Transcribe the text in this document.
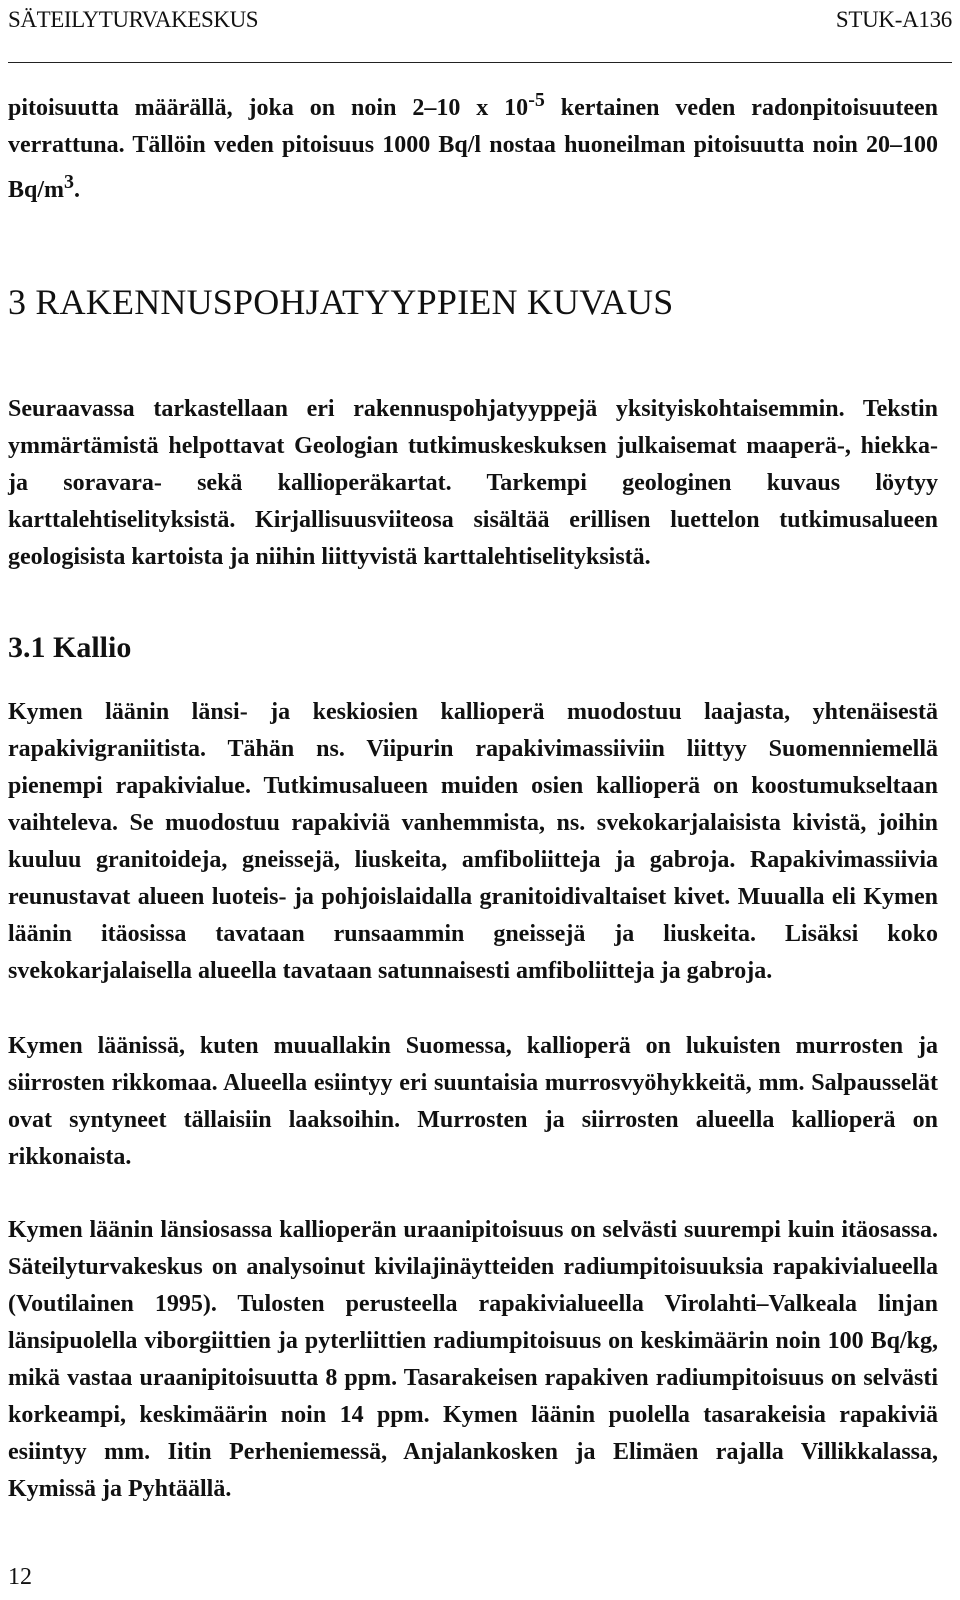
SÄTEILYTURVAKESKUS	STUK-A136

pitoisuutta määrällä, joka on noin 2–10 x $10^{-5}$ kertainen veden radonpitoisuuteen verrattuna. Tällöin veden pitoisuus 1000 Bq/l nostaa huoneilman pitoisuutta noin 20–100 $Bq/m^3$.

3 RAKENNUSPOHJATYYPPIEN KUVAUS

Seuraavassa tarkastellaan eri rakennuspohjatyyppejä yksityiskohtaisemmin. Tekstin ymmärtämistä helpottavat Geologian tutkimuskeskuksen julkaisemat maaperä-, hiekka- ja soravara- sekä kallioperäkartat. Tarkempi geologinen kuvaus löytyy karttalehtiselityksistä. Kirjallisuusviiteosa sisältää erillisen luettelon tutkimusalueen geologisista kartoista ja niihin liittyvistä karttalehtiselityksistä.

3.1 Kallio

Kymen läänin länsi- ja keskiosien kallioperä muodostuu laajasta, yhtenäisestä rapakivigraniitista. Tähän ns. Viipurin rapakivimassiiviin liittyy Suomenniemellä pienempi rapakivialue. Tutkimusalueen muiden osien kallioperä on koostumukseltaan vaihteleva. Se muodostuu rapakiviä vanhemmista, ns. svekokarjalaisista kivistä, joihin kuuluu granitoideja, gneissejä, liuskeita, amfiboliitteja ja gabroja. Rapakivimassiivia reunustavat alueen luoteis- ja pohjoislaidalla granitoidivaltaiset kivet. Muualla eli Kymen läänin itäosissa tavataan runsaammin gneissejä ja liuskeita. Lisäksi koko svekokarjalaisella alueella tavataan satunnaisesti amfiboliitteja ja gabroja.

Kymen läänissä, kuten muuallakin Suomessa, kallioperä on lukuisten murrosten ja siirrosten rikkomaa. Alueella esiintyy eri suuntaisia murrosvyöhykkeitä, mm. Salpausselät ovat syntyneet tällaisiin laaksoihin. Murrosten ja siirrosten alueella kallioperä on rikkonaista.

Kymen läänin länsiosassa kallioperän uraanipitoisuus on selvästi suurempi kuin itäosassa. Säteilyturvakeskus on analysoinut kivilajinäytteiden radiumpitoisuuksia rapakivialueella (Voutilainen 1995). Tulosten perusteella rapakivialueella Virolahti–Valkeala linjan länsipuolella viborgiittien ja pyterliittien radiumpitoisuus on keskimäärin noin 100 Bq/kg, mikä vastaa uraanipitoisuutta 8 ppm. Tasarakeisen rapakiven radiumpitoisuus on selvästi korkeampi, keskimäärin noin 14 ppm. Kymen läänin puolella tasarakeisia rapakiviä esiintyy mm. Iitin Perheniemessä, Anjalankosken ja Elimäen rajalla Villikkalassa, Kymissä ja Pyhtäällä.

12
